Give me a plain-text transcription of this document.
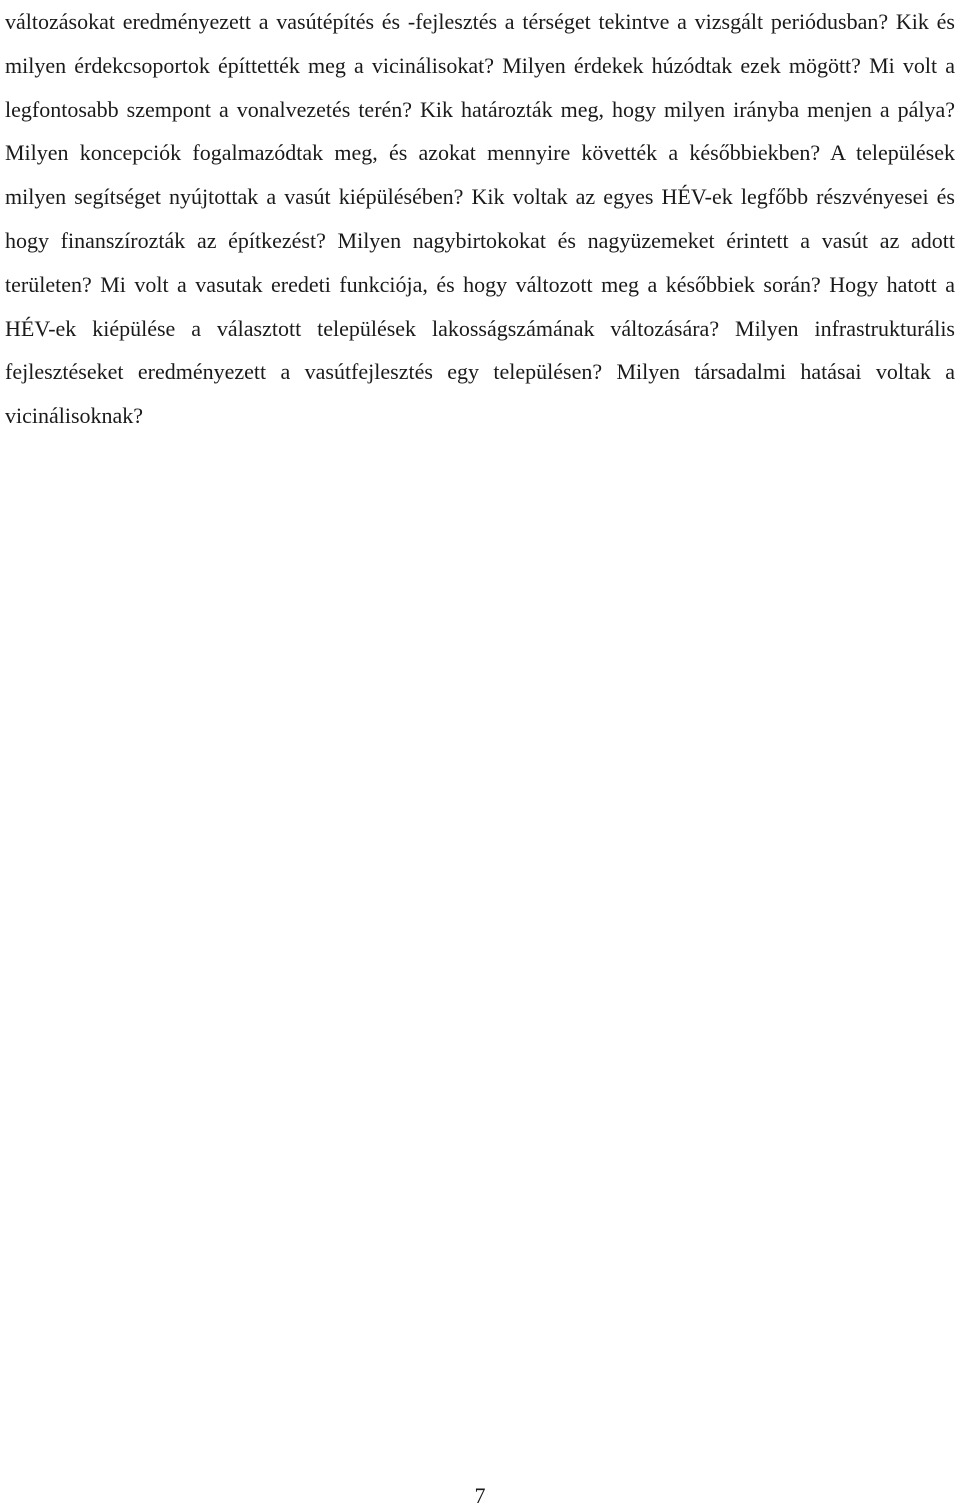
változásokat eredményezett a vasútépítés és -fejlesztés a térséget tekintve a vizsgált periódusban? Kik és milyen érdekcsoportok építtették meg a vicinálisokat? Milyen érdekek húzódtak ezek mögött? Mi volt a legfontosabb szempont a vonalvezetés terén? Kik határozták meg, hogy milyen irányba menjen a pálya? Milyen koncepciók fogalmazódtak meg, és azokat mennyire követték a későbbiekben? A települések milyen segítséget nyújtottak a vasút kiépülésében? Kik voltak az egyes HÉV-ek legfőbb részvényesei és hogy finanszírozták az építkezést? Milyen nagybirtokokat és nagyüzemeket érintett a vasút az adott területen? Mi volt a vasutak eredeti funkciója, és hogy változott meg a későbbiek során? Hogy hatott a HÉV-ek kiépülése a választott települések lakosságszámának változására? Milyen infrastrukturális fejlesztéseket eredményezett a vasútfejlesztés egy településen? Milyen társadalmi hatásai voltak a vicinálisoknak?

7
